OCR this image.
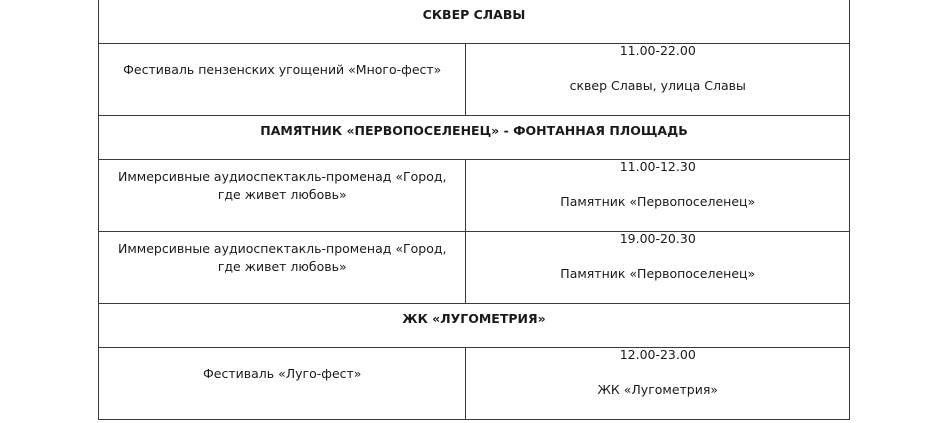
СКВЕР СЛАВЫ	

Фестиваль пензенских угощений «Много-фест»	11.00-22.00
сквер Славы, улица Славы

ПАМЯТНИК «ПЕРВОПОСЕЛЕНЕЦ» - ФОНТАННАЯ ПЛОЩАДЬ	

Иммерсивные аудиоспектакль-променад «Город, где живет любовь»	11.00-12.30
Памятник «Первопоселенец»

Иммерсивные аудиоспектакль-променад «Город, где живет любовь»	19.00-20.30
Памятник «Первопоселенец»

ЖК «ЛУГОМЕТРИЯ»	

Фестиваль «Луго-фест»	12.00-23.00
ЖК «Лугометрия»
